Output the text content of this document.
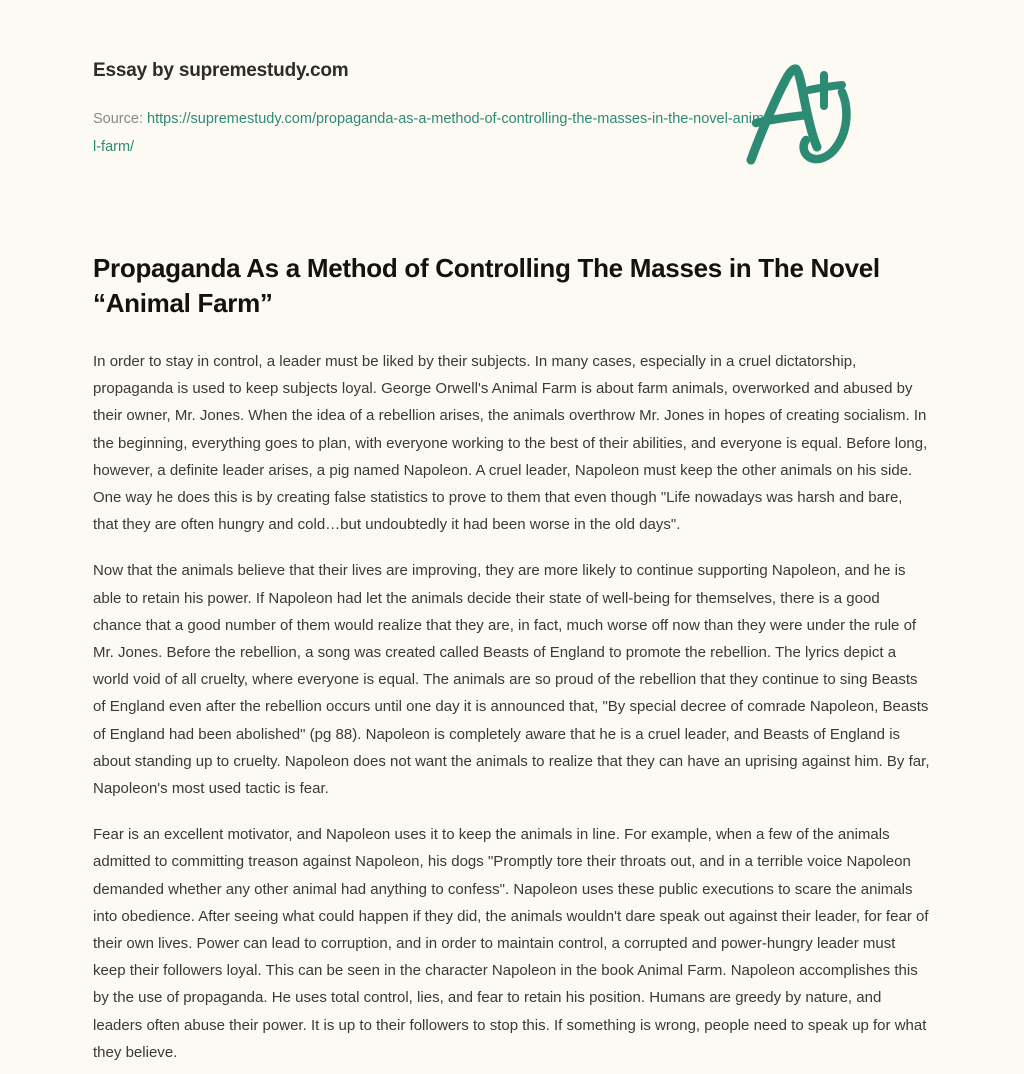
Essay by supremestudy.com
Source: https://supremestudy.com/propaganda-as-a-method-of-controlling-the-masses-in-the-novel-animal-farm/
Propaganda As a Method of Controlling The Masses in The Novel “Animal Farm”

In order to stay in control, a leader must be liked by their subjects. In many cases, especially in a cruel dictatorship, propaganda is used to keep subjects loyal. George Orwell's Animal Farm is about farm animals, overworked and abused by their owner, Mr. Jones. When the idea of a rebellion arises, the animals overthrow Mr. Jones in hopes of creating socialism. In the beginning, everything goes to plan, with everyone working to the best of their abilities, and everyone is equal. Before long, however, a definite leader arises, a pig named Napoleon. A cruel leader, Napoleon must keep the other animals on his side. One way he does this is by creating false statistics to prove to them that even though "Life nowadays was harsh and bare, that they are often hungry and cold…but undoubtedly it had been worse in the old days".

Now that the animals believe that their lives are improving, they are more likely to continue supporting Napoleon, and he is able to retain his power. If Napoleon had let the animals decide their state of well-being for themselves, there is a good chance that a good number of them would realize that they are, in fact, much worse off now than they were under the rule of Mr. Jones. Before the rebellion, a song was created called Beasts of England to promote the rebellion. The lyrics depict a world void of all cruelty, where everyone is equal. The animals are so proud of the rebellion that they continue to sing Beasts of England even after the rebellion occurs until one day it is announced that, "By special decree of comrade Napoleon, Beasts of England had been abolished" (pg 88). Napoleon is completely aware that he is a cruel leader, and Beasts of England is about standing up to cruelty. Napoleon does not want the animals to realize that they can have an uprising against him. By far, Napoleon's most used tactic is fear.

Fear is an excellent motivator, and Napoleon uses it to keep the animals in line. For example, when a few of the animals admitted to committing treason against Napoleon, his dogs "Promptly tore their throats out, and in a terrible voice Napoleon demanded whether any other animal had anything to confess". Napoleon uses these public executions to scare the animals into obedience. After seeing what could happen if they did, the animals wouldn't dare speak out against their leader, for fear of their own lives. Power can lead to corruption, and in order to maintain control, a corrupted and power-hungry leader must keep their followers loyal. This can be seen in the character Napoleon in the book Animal Farm. Napoleon accomplishes this by the use of propaganda. He uses total control, lies, and fear to retain his position. Humans are greedy by nature, and leaders often abuse their power. It is up to their followers to stop this. If something is wrong, people need to speak up for what they believe.
